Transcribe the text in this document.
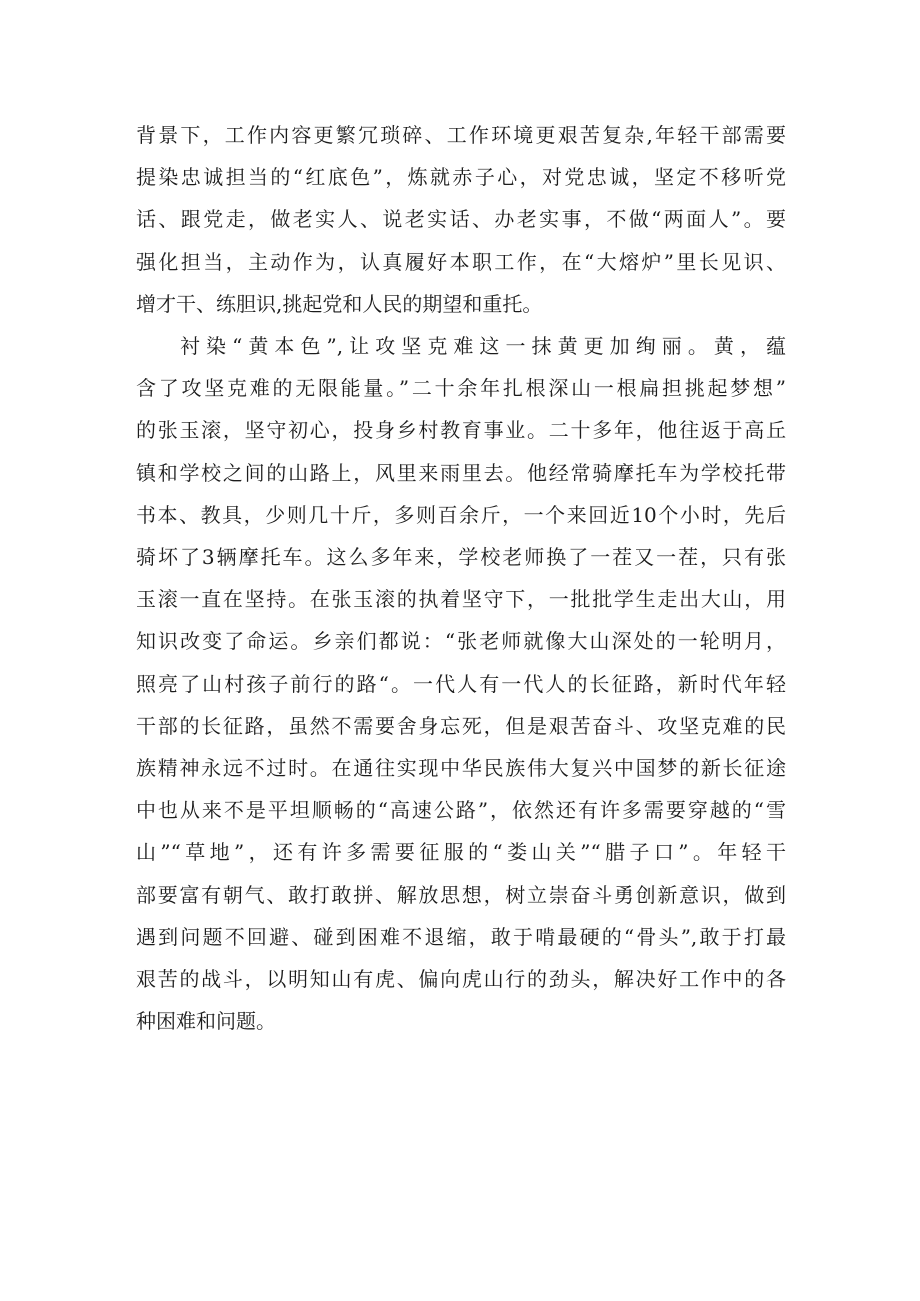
背景下，工作内容更繁冗琐碎、工作环境更艰苦复杂,年轻干部需要
提染忠诚担当的“红底色”，炼就赤子心，对党忠诚，坚定不移听党
话、跟党走，做老实人、说老实话、办老实事，不做“两面人”。要
强化担当，主动作为，认真履好本职工作，在“大熔炉”里长见识、
增才干、练胆识,挑起党和人民的期望和重托。
衬染“黄本色”,让攻坚克难这一抹黄更加绚丽。黄，蕴
含了攻坚克难的无限能量。”二十余年扎根深山一根扁担挑起梦想”
的张玉滚，坚守初心，投身乡村教育事业。二十多年，他往返于高丘
镇和学校之间的山路上，风里来雨里去。他经常骑摩托车为学校托带
书本、教具，少则几十斤，多则百余斤，一个来回近10个小时，先后
骑坏了3辆摩托车。这么多年来，学校老师换了一茬又一茬，只有张
玉滚一直在坚持。在张玉滚的执着坚守下，一批批学生走出大山，用
知识改变了命运。乡亲们都说：“张老师就像大山深处的一轮明月，
照亮了山村孩子前行的路“。一代人有一代人的长征路，新时代年轻
干部的长征路，虽然不需要舍身忘死，但是艰苦奋斗、攻坚克难的民
族精神永远不过时。在通往实现中华民族伟大复兴中国梦的新长征途
中也从来不是平坦顺畅的“高速公路”，依然还有许多需要穿越的“雪
山”“草地”，还有许多需要征服的“娄山关”“腊子口”。年轻干
部要富有朝气、敢打敢拼、解放思想，树立崇奋斗勇创新意识，做到
遇到问题不回避、碰到困难不退缩，敢于啃最硬的“骨头”,敢于打最
艰苦的战斗，以明知山有虎、偏向虎山行的劲头，解决好工作中的各
种困难和问题。
